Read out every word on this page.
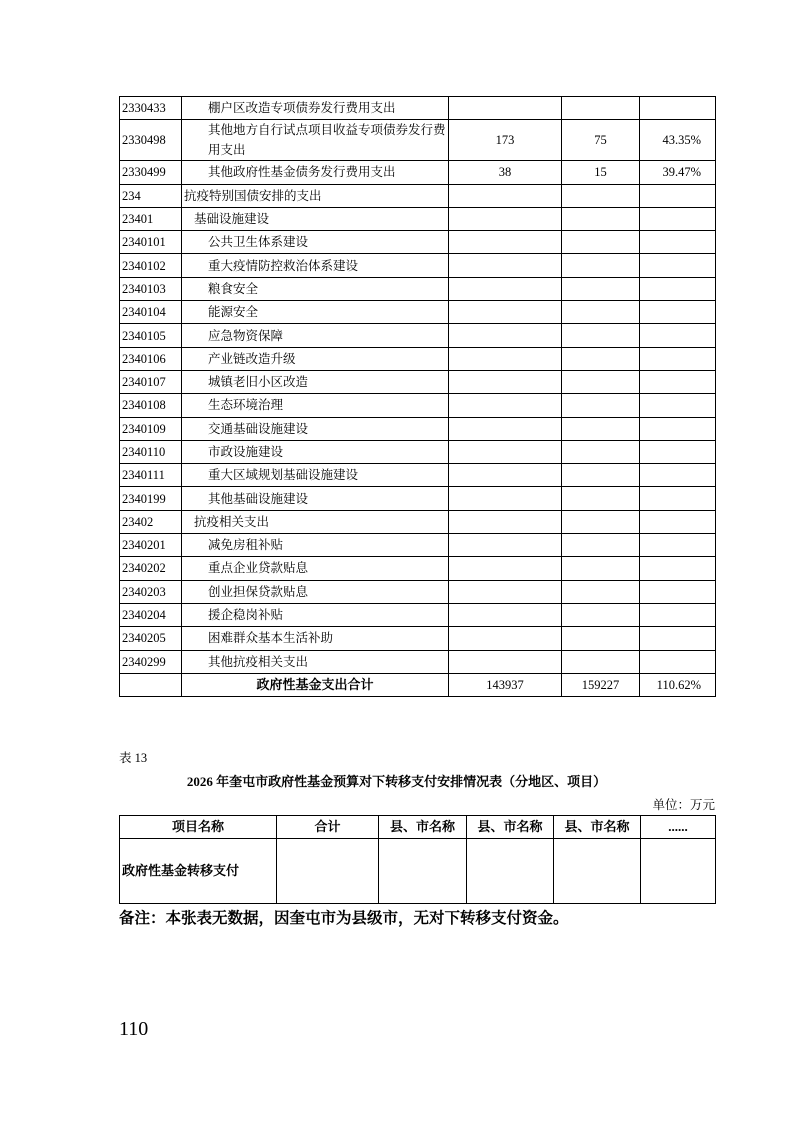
2330433	棚户区改造专项债券发行费用支出			
2330498	其他地方自行试点项目收益专项债券发行费用支出	173	75	43.35%
2330499	其他政府性基金债务发行费用支出	38	15	39.47%
234	抗疫特别国债安排的支出			
23401	基础设施建设			
2340101	公共卫生体系建设			
2340102	重大疫情防控救治体系建设			
2340103	粮食安全			
2340104	能源安全			
2340105	应急物资保障			
2340106	产业链改造升级			
2340107	城镇老旧小区改造			
2340108	生态环境治理			
2340109	交通基础设施建设			
2340110	市政设施建设			
2340111	重大区域规划基础设施建设			
2340199	其他基础设施建设			
23402	抗疫相关支出			
2340201	减免房租补贴			
2340202	重点企业贷款贴息			
2340203	创业担保贷款贴息			
2340204	援企稳岗补贴			
2340205	困难群众基本生活补助			
2340299	其他抗疫相关支出			
	政府性基金支出合计	143937	159227	110.62%
表 13
2026 年奎屯市政府性基金预算对下转移支付安排情况表（分地区、项目）
单位：万元
项目名称	合计	县、市名称	县、市名称	县、市名称	......
政府性基金转移支付					
备注：本张表无数据，因奎屯市为县级市，无对下转移支付资金。
110
